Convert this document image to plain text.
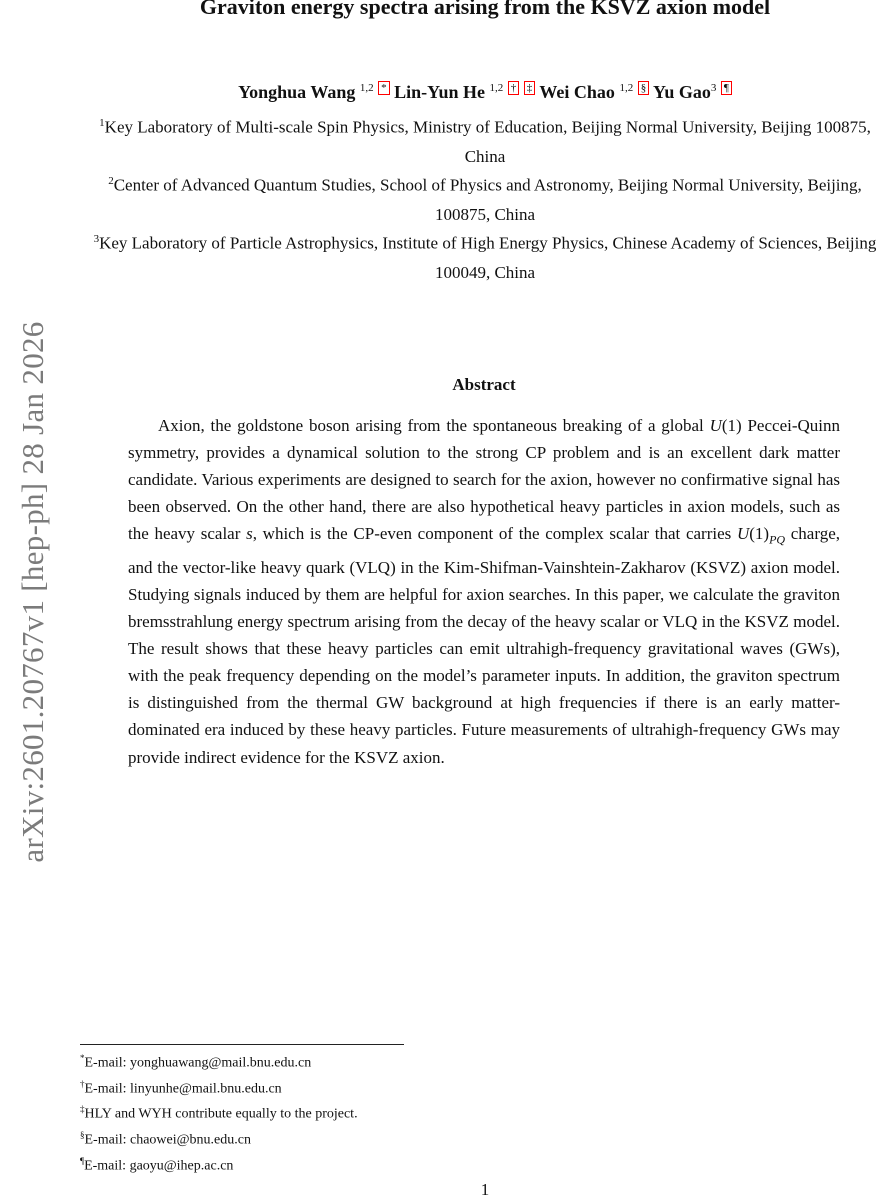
arXiv:2601.20767v1 [hep-ph] 28 Jan 2026
Graviton energy spectra arising from the KSVZ axion model
Yonghua Wang $^{1,2}$ * Lin-Yun He $^{1,2}$ † ‡ Wei Chao $^{1,2}$ § Yu Gao$^3$ ¶
$^1$Key Laboratory of Multi-scale Spin Physics, Ministry of Education, Beijing Normal University, Beijing 100875, China
$^2$Center of Advanced Quantum Studies, School of Physics and Astronomy, Beijing Normal University, Beijing, 100875, China
$^3$Key Laboratory of Particle Astrophysics, Institute of High Energy Physics, Chinese Academy of Sciences, Beijing 100049, China
Abstract
Axion, the goldstone boson arising from the spontaneous breaking of a global U(1) Peccei-Quinn symmetry, provides a dynamical solution to the strong CP problem and is an excellent dark matter candidate. Various experiments are designed to search for the axion, however no confirmative signal has been observed. On the other hand, there are also hypothetical heavy particles in axion models, such as the heavy scalar s, which is the CP-even component of the complex scalar that carries $U(1)_{PQ}$ charge, and the vector-like heavy quark (VLQ) in the Kim-Shifman-Vainshtein-Zakharov (KSVZ) axion model. Studying signals induced by them are helpful for axion searches. In this paper, we calculate the graviton bremsstrahlung energy spectrum arising from the decay of the heavy scalar or VLQ in the KSVZ model. The result shows that these heavy particles can emit ultrahigh-frequency gravitational waves (GWs), with the peak frequency depending on the model’s parameter inputs. In addition, the graviton spectrum is distinguished from the thermal GW background at high frequencies if there is an early matter-dominated era induced by these heavy particles. Future measurements of ultrahigh-frequency GWs may provide indirect evidence for the KSVZ axion.
*E-mail: yonghuawang@mail.bnu.edu.cn
†E-mail: linyunhe@mail.bnu.edu.cn
‡HLY and WYH contribute equally to the project.
§E-mail: chaowei@bnu.edu.cn
¶E-mail: gaoyu@ihep.ac.cn
1
